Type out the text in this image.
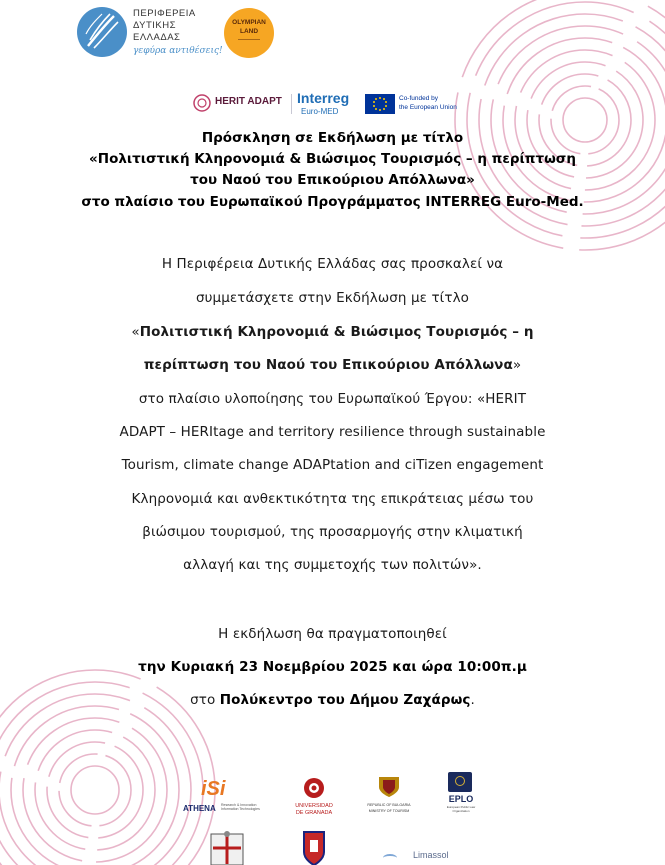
ΠΕΡΙΦΕΡΕΙΑ
ΔΥΤΙΚΗΣ
ΕΛΛΑΔΑΣ
γεφύρα αντιθέσεις!
OLYMPIAN
LAND
HERIT ADAPT Interreg
Euro-MED
Co-funded by
the European Union
Πρόσκληση σε Εκδήλωση με τίτλο
«Πολιτιστική Κληρονομιά & Βιώσιμος Τουρισμός – η περίπτωση
του Ναού του Επικούριου Απόλλωνα»
στο πλαίσιο του Ευρωπαϊκού Προγράμματος INTERREG Euro-Med.
Η Περιφέρεια Δυτικής Ελλάδας σας προσκαλεί να
συμμετάσχετε στην Εκδήλωση με τίτλο
«Πολιτιστική Κληρονομιά & Βιώσιμος Τουρισμός – η
περίπτωση του Ναού του Επικούριου Απόλλωνα»
στο πλαίσιο υλοποίησης του Ευρωπαϊκού Έργου: «HERIT
ADAPT – HERItage and territory resilience through sustainable
Tourism, climate change ADAPtation and ciTizen engagement
Κληρονομιά και ανθεκτικότητα της επικράτειας μέσω του
βιώσιμου τουρισμού, της προσαρμογής στην κλιματική
αλλαγή και της συμμετοχής των πολιτών».
Η εκδήλωση θα πραγματοποιηθεί
την Κυριακή 23 Νοεμβρίου 2025 και ώρα 10:00π.μ
στο Πολύκεντρο του Δήμου Ζαχάρως.
iSi
ATHENA Research & Innovation Information Technologies	UNIVERSIDAD
DE GRANADA
REPUBLIC OF BULGARIA
MINISTRY OF TOURISM
EPLO
European Public Law Organization
Limassol
